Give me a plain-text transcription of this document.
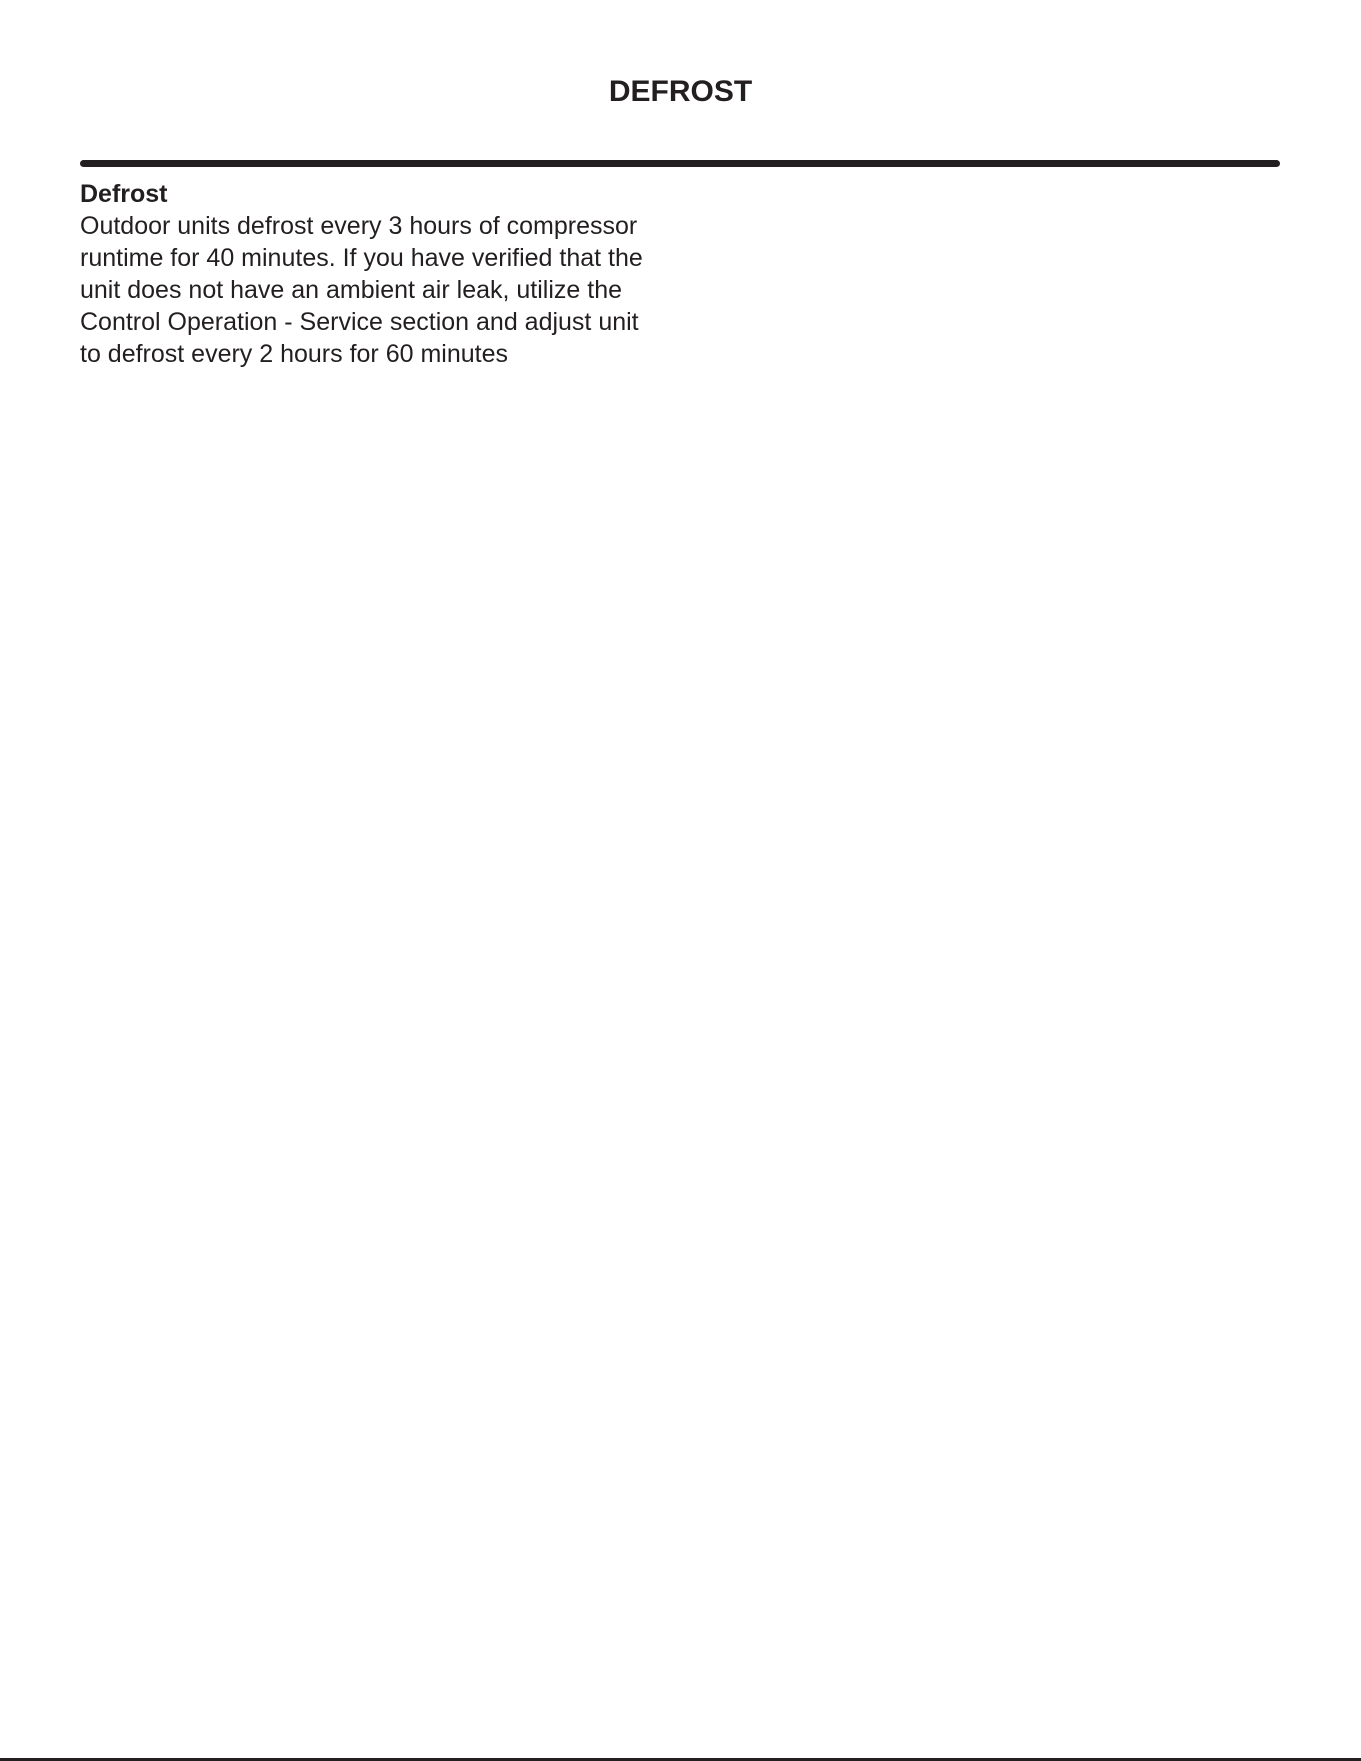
DEFROST
Defrost

Outdoor units defrost every 3 hours of compressor runtime for 40 minutes. If you have verified that the unit does not have an ambient air leak, utilize the Control Operation - Service section and adjust unit to defrost every 2 hours for 60 minutes
